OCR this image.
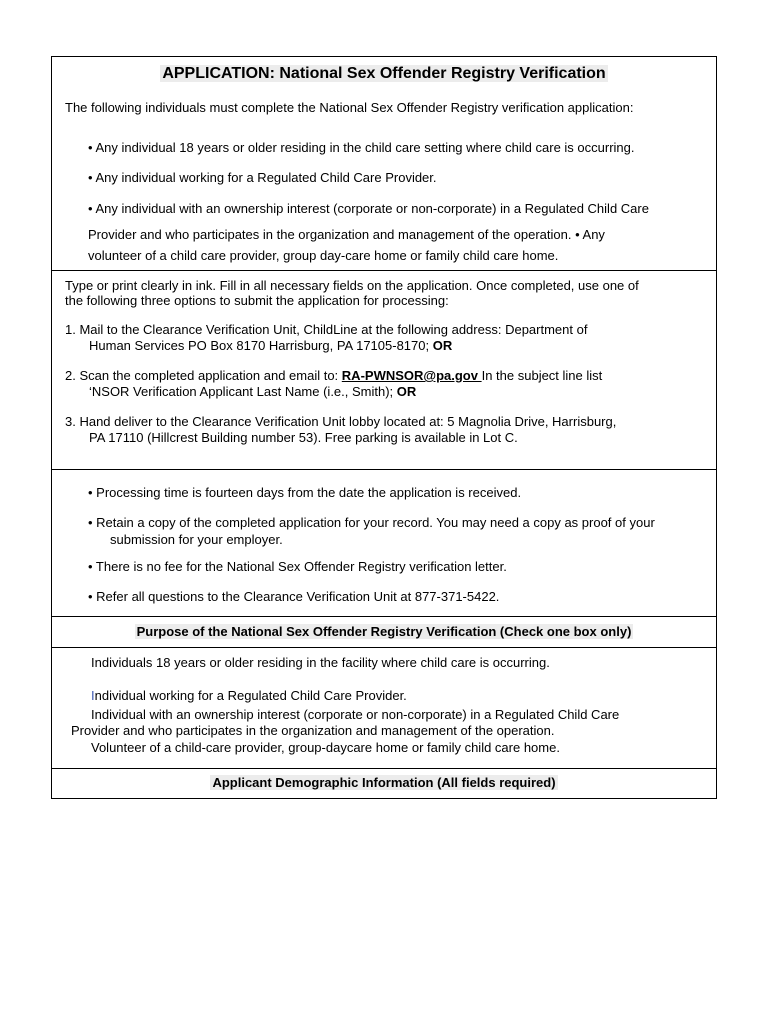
APPLICATION: National Sex Offender Registry Verification
The following individuals must complete the National Sex Offender Registry verification application:
• Any individual 18 years or older residing in the child care setting where child care is occurring.
• Any individual working for a Regulated Child Care Provider.
• Any individual with an ownership interest (corporate or non-corporate) in a Regulated Child Care
Provider and who participates in the organization and management of the operation. • Any
volunteer of a child care provider, group day-care home or family child care home.
Type or print clearly in ink. Fill in all necessary fields on the application. Once completed, use one of
the following three options to submit the application for processing:
1. Mail to the Clearance Verification Unit, ChildLine at the following address: Department of
Human Services PO Box 8170 Harrisburg, PA 17105-8170; OR
2. Scan the completed application and email to: RA-PWNSOR@pa.gov In the subject line list
‘NSOR Verification Applicant Last Name (i.e., Smith); OR
3. Hand deliver to the Clearance Verification Unit lobby located at: 5 Magnolia Drive, Harrisburg,
PA 17110 (Hillcrest Building number 53). Free parking is available in Lot C.
• Processing time is fourteen days from the date the application is received.
• Retain a copy of the completed application for your record. You may need a copy as proof of your
submission for your employer.
• There is no fee for the National Sex Offender Registry verification letter.
• Refer all questions to the Clearance Verification Unit at 877-371-5422.
Purpose of the National Sex Offender Registry Verification (Check one box only)
Individuals 18 years or older residing in the facility where child care is occurring.
Individual working for a Regulated Child Care Provider.
Individual with an ownership interest (corporate or non-corporate) in a Regulated Child Care
Provider and who participates in the organization and management of the operation.
Volunteer of a child-care provider, group-daycare home or family child care home.
Applicant Demographic Information (All fields required)
